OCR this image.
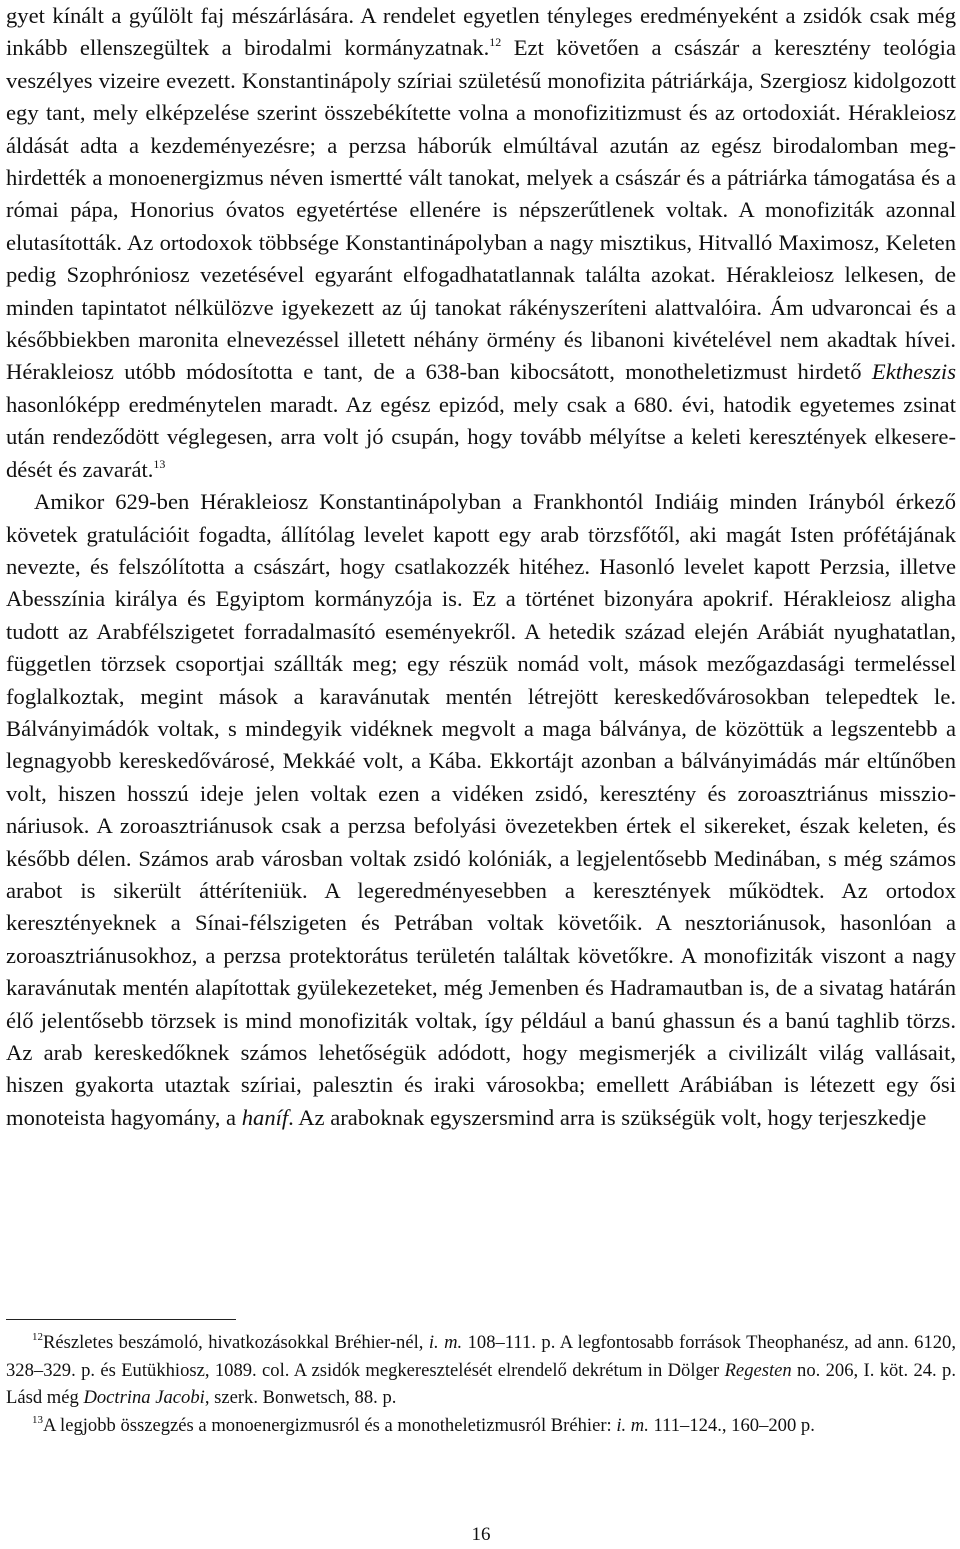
gyet kínált a gyűlölt faj mészárlására. A rendelet egyetlen tényleges eredményeként a zsidók csak még inkább ellenszegültek a birodalmi kormányzatnak.$^{12}$ Ezt követően a császár a keresztény teológia veszélyes vizeire evezett. Konstantinápoly szíriai születésű monofizita pátriárkája, Szergiosz kidolgozott egy tant, mely elképzelése szerint összebékítette volna a monofizitizmust és az ortodoxiát. Hérakleiosz áldását adta a kezdeményezésre; a perzsa háborúk elmúltával azután az egész birodalomban meghirdették a monoenergizmus néven ismertté vált tanokat, melyek a császár és a pátriárka támogatása és a római pápa, Honorius óvatos egyetértése ellenére is népszerűtlenek voltak. A monofiziták azonnal elutasították. Az ortodoxok többsége Konstantinápolyban a nagy misztikus, Hitvalló Maximosz, Keleten pedig Szophróniosz vezetésével egyaránt elfogadhatatlannak találta azokat. Hérakleiosz lelkesen, de minden tapintatot nélkülözve igyekezett az új tanokat rákényszeríteni alattvalóira. Ám udvaroncai és a későbbiekben maronita elnevezéssel illetett néhány örmény és libanoni kivételével nem akadtak hívei. Hérakleiosz utóbb módosította e tant, de a 638-ban kibocsátott, monotheletizmust hirdető Ektheszis hasonlóképp eredménytelen maradt. Az egész epizód, mely csak a 680. évi, hatodik egyetemes zsinat után rendeződött véglegesen, arra volt jó csupán, hogy tovább mélyítse a keleti keresztények elkeseredését és zavarát.$^{13}$

Amikor 629-ben Hérakleiosz Konstantinápolyban a Frankhontól Indiáig minden Irányból érkező követek gratulációit fogadta, állítólag levelet kapott egy arab törzsfőtől, aki magát Isten prófétájának nevezte, és felszólította a császárt, hogy csatlakozzék hitéhez. Hasonló levelet kapott Perzsia, illetve Abesszínia királya és Egyiptom kormányzója is. Ez a történet bizonyára apokrif. Hérakleiosz aligha tudott az Arabfélszigetet forradalmasító eseményekről. A hetedik század elején Arábiát nyughatatlan, független törzsek csoportjai szállták meg; egy részük nomád volt, mások mezőgazdasági termeléssel foglalkoztak, megint mások a karavánutak mentén létrejött kereskedővárosokban telepedtek le. Bálványimádók voltak, s mindegyik vidéknek megvolt a maga bálványa, de közöttük a legszentebb a legnagyobb kereskedővárosé, Mekkáé volt, a Kába. Ekkortájt azonban a bálványimádás már eltűnőben volt, hiszen hosszú ideje jelen voltak ezen a vidéken zsidó, keresztény és zoroasztriánus misszionáriusok. A zoroasztriánusok csak a perzsa befolyási övezetekben értek el sikereket, észak keleten, és később délen. Számos arab városban voltak zsidó kolóniák, a legjelentősebb Medinában, s még számos arabot is sikerült áttéríteniük. A legeredményesebben a keresztények működtek. Az ortodox keresztényeknek a Sínai-félszigeten és Petrában voltak követőik. A nesztoriánusok, hasonlóan a zoroasztriánusokhoz, a perzsa protektorátus területén találtak követőkre. A monofiziták viszont a nagy karavánutak mentén alapítottak gyülekezeteket, még Jemenben és Hadramautban is, de a sivatag határán élő jelentősebb törzsek is mind monofiziták voltak, így például a banú ghassun és a banú taghlib törzs. Az arab kereskedőknek számos lehetőségük adódott, hogy megismerjék a civilizált világ vallásait, hiszen gyakorta utaztak szíriai, palesztin és iraki városokba; emellett Arábiában is létezett egy ősi monoteista hagyomány, a haníf. Az araboknak egyszersmind arra is szükségük volt, hogy terjeszkedje

$^{12}$Részletes beszámoló, hivatkozásokkal Bréhier-nél, i. m. 108–111. p. A legfontosabb források Theophanész, ad ann. 6120, 328–329. p. és Eutükhiosz, 1089. col. A zsidók megkeresztelését elrendelő dekrétum in Dölger Regesten no. 206, I. köt. 24. p. Lásd még Doctrina Jacobi, szerk. Bonwetsch, 88. p.

$^{13}$A legjobb összegzés a monoenergizmusról és a monotheletizmusról Bréhier: i. m. 111–124., 160–200 p.

16
